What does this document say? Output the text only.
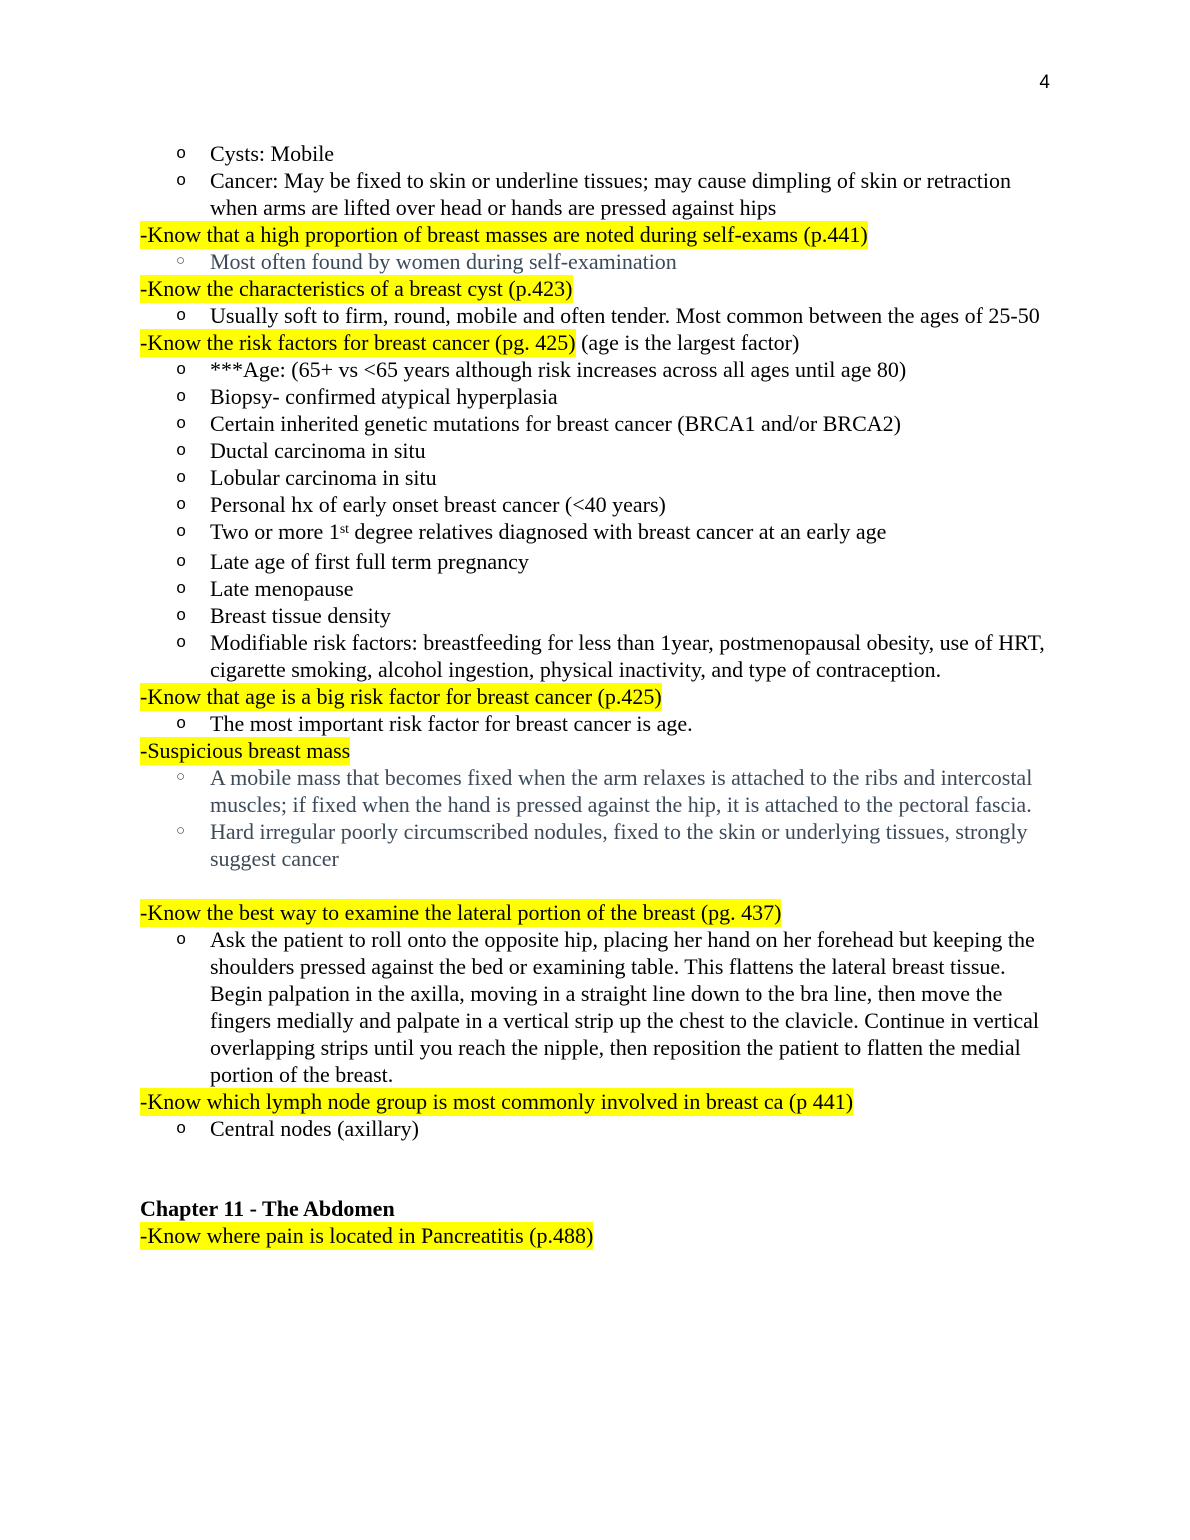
4
o Cysts: Mobile
o Cancer: May be fixed to skin or underline tissues; may cause dimpling of skin or retraction when arms are lifted over head or hands are pressed against hips
-Know that a high proportion of breast masses are noted during self-exams (p.441)
○ Most often found by women during self-examination
-Know the characteristics of a breast cyst (p.423)
o Usually soft to firm, round, mobile and often tender. Most common between the ages of 25-50
-Know the risk factors for breast cancer (pg. 425) (age is the largest factor)
o ***Age: (65+ vs <65 years although risk increases across all ages until age 80)
o Biopsy- confirmed atypical hyperplasia
o Certain inherited genetic mutations for breast cancer (BRCA1 and/or BRCA2)
o Ductal carcinoma in situ
o Lobular carcinoma in situ
o Personal hx of early onset breast cancer (<40 years)
o Two or more 1st degree relatives diagnosed with breast cancer at an early age
o Late age of first full term pregnancy
o Late menopause
o Breast tissue density
o Modifiable risk factors: breastfeeding for less than 1year, postmenopausal obesity, use of HRT, cigarette smoking, alcohol ingestion, physical inactivity, and type of contraception.
-Know that age is a big risk factor for breast cancer (p.425)
o The most important risk factor for breast cancer is age.
-Suspicious breast mass
○ A mobile mass that becomes fixed when the arm relaxes is attached to the ribs and intercostal muscles; if fixed when the hand is pressed against the hip, it is attached to the pectoral fascia.
○ Hard irregular poorly circumscribed nodules, fixed to the skin or underlying tissues, strongly suggest cancer
-Know the best way to examine the lateral portion of the breast (pg. 437)
o Ask the patient to roll onto the opposite hip, placing her hand on her forehead but keeping the shoulders pressed against the bed or examining table. This flattens the lateral breast tissue. Begin palpation in the axilla, moving in a straight line down to the bra line, then move the fingers medially and palpate in a vertical strip up the chest to the clavicle. Continue in vertical overlapping strips until you reach the nipple, then reposition the patient to flatten the medial portion of the breast.
-Know which lymph node group is most commonly involved in breast ca (p 441)
o Central nodes (axillary)
Chapter 11 - The Abdomen
-Know where pain is located in Pancreatitis (p.488)
